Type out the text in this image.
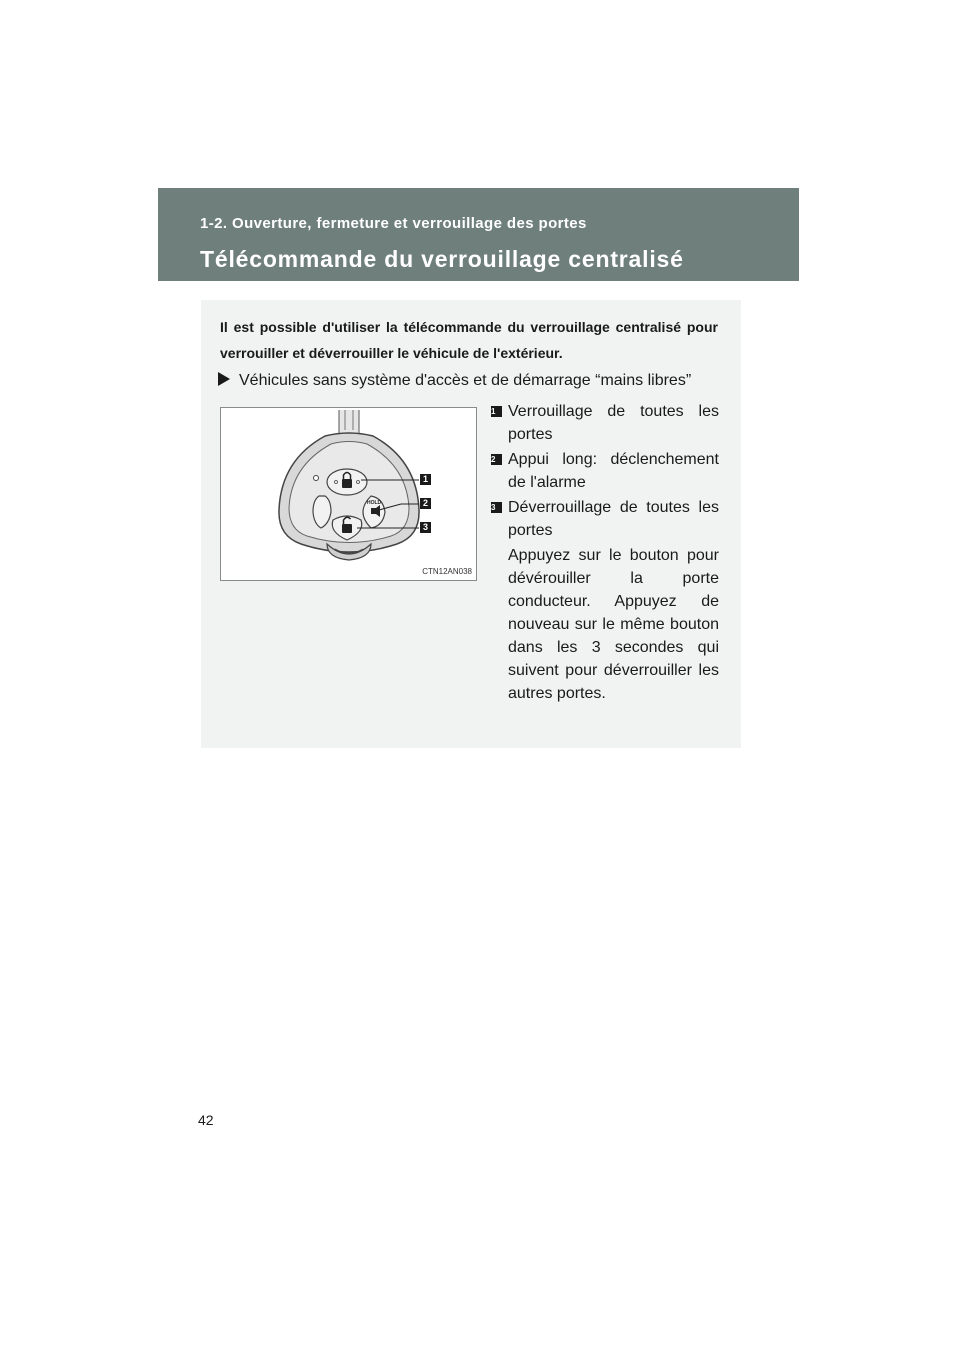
1-2. Ouverture, fermeture et verrouillage des portes
Télécommande du verrouillage centralisé
Il est possible d'utiliser la télécommande du verrouillage centralisé pour verrouiller et déverrouiller le véhicule de l'extérieur.
Véhicules sans système d'accès et de démarrage “mains libres”
HOLD
1
2
3
CTN12AN038
1 Verrouillage de toutes les portes
2 Appui long: déclenchement de l'alarme
3 Déverrouillage de toutes les portes
Appuyez sur le bouton pour dévérouiller la porte conducteur. Appuyez de nouveau sur le même bouton dans les 3 secondes qui suivent pour déverrouiller les autres portes.
42
